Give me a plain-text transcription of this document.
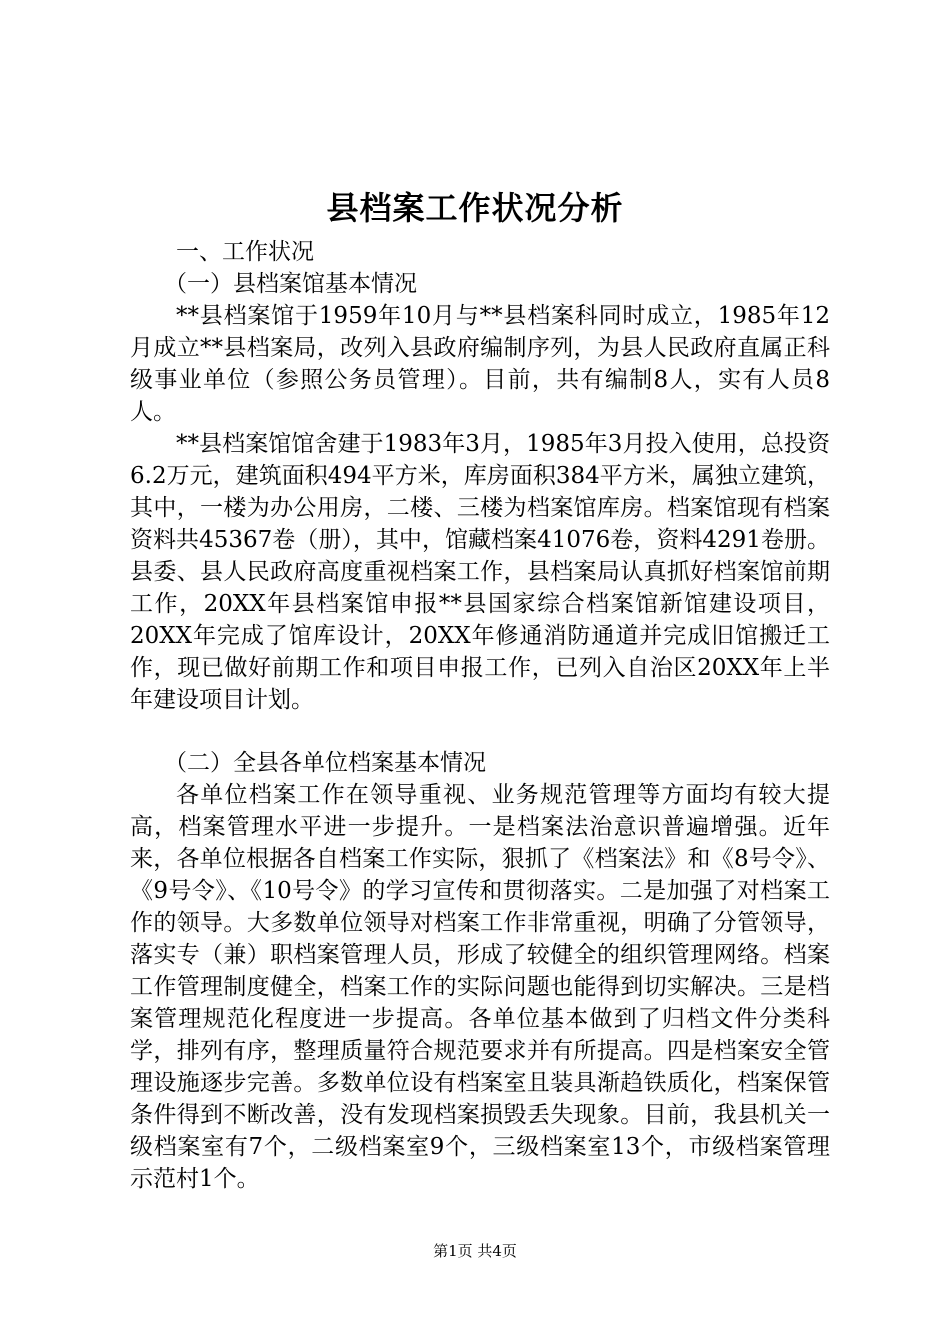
县档案工作状况分析

一、工作状况

（一）县档案馆基本情况

**县档案馆于1959年10月与**县档案科同时成立，1985年12月成立**县档案局，改列入县政府编制序列，为县人民政府直属正科级事业单位（参照公务员管理）。目前，共有编制8人，实有人员8人。

**县档案馆馆舍建于1983年3月，1985年3月投入使用，总投资6.2万元，建筑面积494平方米，库房面积384平方米，属独立建筑，其中，一楼为办公用房，二楼、三楼为档案馆库房。档案馆现有档案资料共45367卷（册），其中，馆藏档案41076卷，资料4291卷册。县委、县人民政府高度重视档案工作，县档案局认真抓好档案馆前期工作，20XX年县档案馆申报**县国家综合档案馆新馆建设项目，20XX年完成了馆库设计，20XX年修通消防通道并完成旧馆搬迁工作，现已做好前期工作和项目申报工作，已列入自治区20XX年上半年建设项目计划。

（二）全县各单位档案基本情况

各单位档案工作在领导重视、业务规范管理等方面均有较大提高，档案管理水平进一步提升。一是档案法治意识普遍增强。近年来，各单位根据各自档案工作实际，狠抓了《档案法》和《8号令》、《9号令》、《10号令》的学习宣传和贯彻落实。二是加强了对档案工作的领导。大多数单位领导对档案工作非常重视，明确了分管领导，落实专（兼）职档案管理人员，形成了较健全的组织管理网络。档案工作管理制度健全，档案工作的实际问题也能得到切实解决。三是档案管理规范化程度进一步提高。各单位基本做到了归档文件分类科学，排列有序，整理质量符合规范要求并有所提高。四是档案安全管理设施逐步完善。多数单位设有档案室且装具渐趋铁质化，档案保管条件得到不断改善，没有发现档案损毁丢失现象。目前，我县机关一级档案室有7个，二级档案室9个，三级档案室13个，市级档案管理示范村1个。

第1页 共4页
